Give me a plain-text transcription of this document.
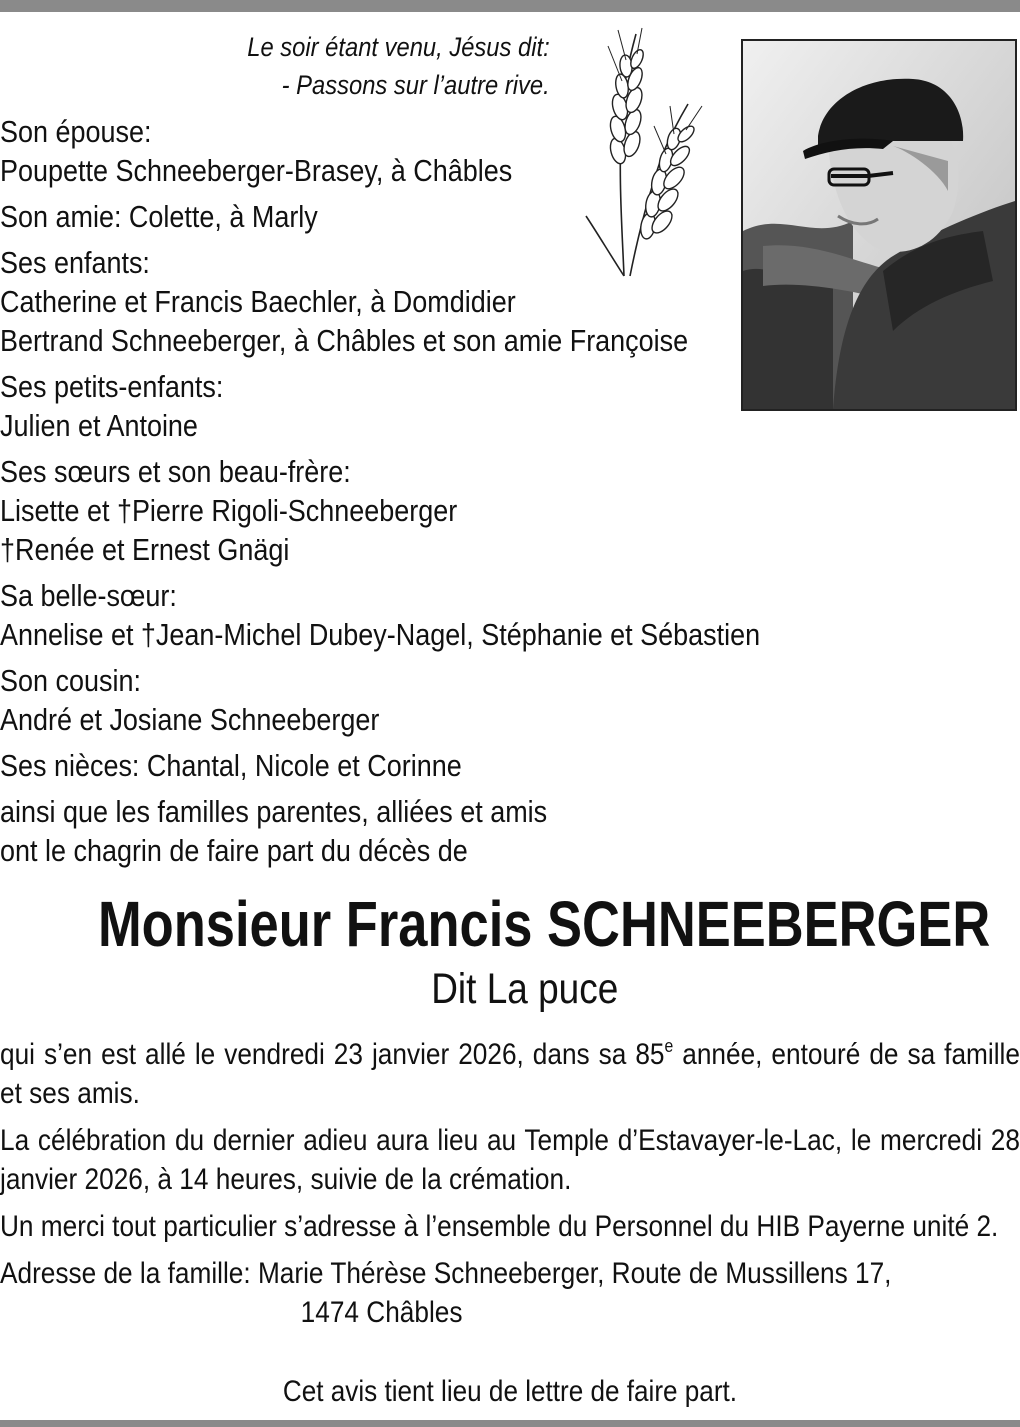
Le soir étant venu, Jésus dit:
- Passons sur l’autre rive.
Son épouse:
Poupette Schneeberger-Brasey, à Châbles
Son amie: Colette, à Marly
Ses enfants:
Catherine et Francis Baechler, à Domdidier
Bertrand Schneeberger, à Châbles et son amie Françoise
Ses petits-enfants:
Julien et Antoine
Ses sœurs et son beau-frère:
Lisette et †Pierre Rigoli-Schneeberger
†Renée et Ernest Gnägi
Sa belle-sœur:
Annelise et †Jean-Michel Dubey-Nagel, Stéphanie et Sébastien
Son cousin:
André et Josiane Schneeberger
Ses nièces: Chantal, Nicole et Corinne
ainsi que les familles parentes, alliées et amis
ont le chagrin de faire part du décès de
Monsieur Francis SCHNEEBERGER
Dit La puce
qui s’en est allé le vendredi 23 janvier 2026, dans sa 85e année, entouré de sa famille et ses amis.
La célébration du dernier adieu aura lieu au Temple d’Estavayer-le-Lac, le mercredi 28 janvier 2026, à 14 heures, suivie de la crémation.
Un merci tout particulier s’adresse à l’ensemble du Personnel du HIB Payerne unité 2.
Adresse de la famille: Marie Thérèse Schneeberger, Route de Mussillens 17,
1474 Châbles
Cet avis tient lieu de lettre de faire part.
